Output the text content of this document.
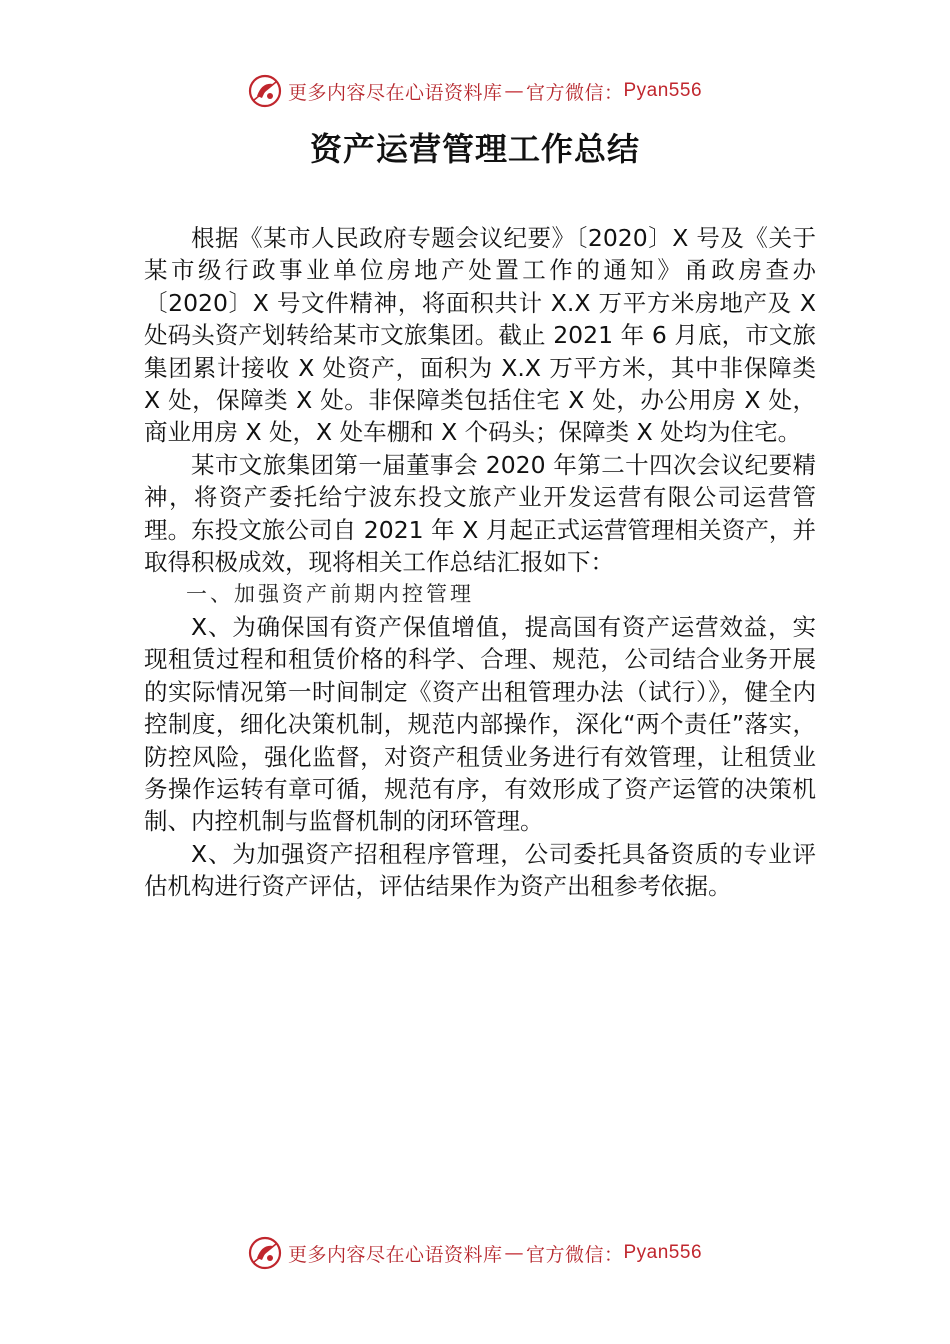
更多内容尽在心语资料库 — 官方微信： Pyan556
资产运营管理工作总结

根据《某市人民政府专题会议纪要》〔2020〕X 号及《关于某市级行政事业单位房地产处置工作的通知》甬政房查办〔2020〕X 号文件精神，将面积共计 X.X 万平方米房地产及 X 处码头资产划转给某市文旅集团。截止 2021 年 6 月底，市文旅集团累计接收 X 处资产，面积为 X.X 万平方米，其中非保障类 X 处，保障类 X 处。非保障类包括住宅 X 处，办公用房 X 处，商业用房 X 处，X 处车棚和 X 个码头；保障类 X 处均为住宅。

某市文旅集团第一届董事会 2020 年第二十四次会议纪要精神，将资产委托给宁波东投文旅产业开发运营有限公司运营管理。东投文旅公司自 2021 年 X 月起正式运营管理相关资产，并取得积极成效，现将相关工作总结汇报如下：

一、加强资产前期内控管理

X、为确保国有资产保值增值，提高国有资产运营效益，实现租赁过程和租赁价格的科学、合理、规范，公司结合业务开展的实际情况第一时间制定《资产出租管理办法（试行）》，健全内控制度，细化决策机制，规范内部操作，深化“两个责任”落实，防控风险，强化监督，对资产租赁业务进行有效管理，让租赁业务操作运转有章可循，规范有序，有效形成了资产运管的决策机制、内控机制与监督机制的闭环管理。

X、为加强资产招租程序管理，公司委托具备资质的专业评估机构进行资产评估，评估结果作为资产出租参考依据。

更多内容尽在心语资料库 — 官方微信： Pyan556
